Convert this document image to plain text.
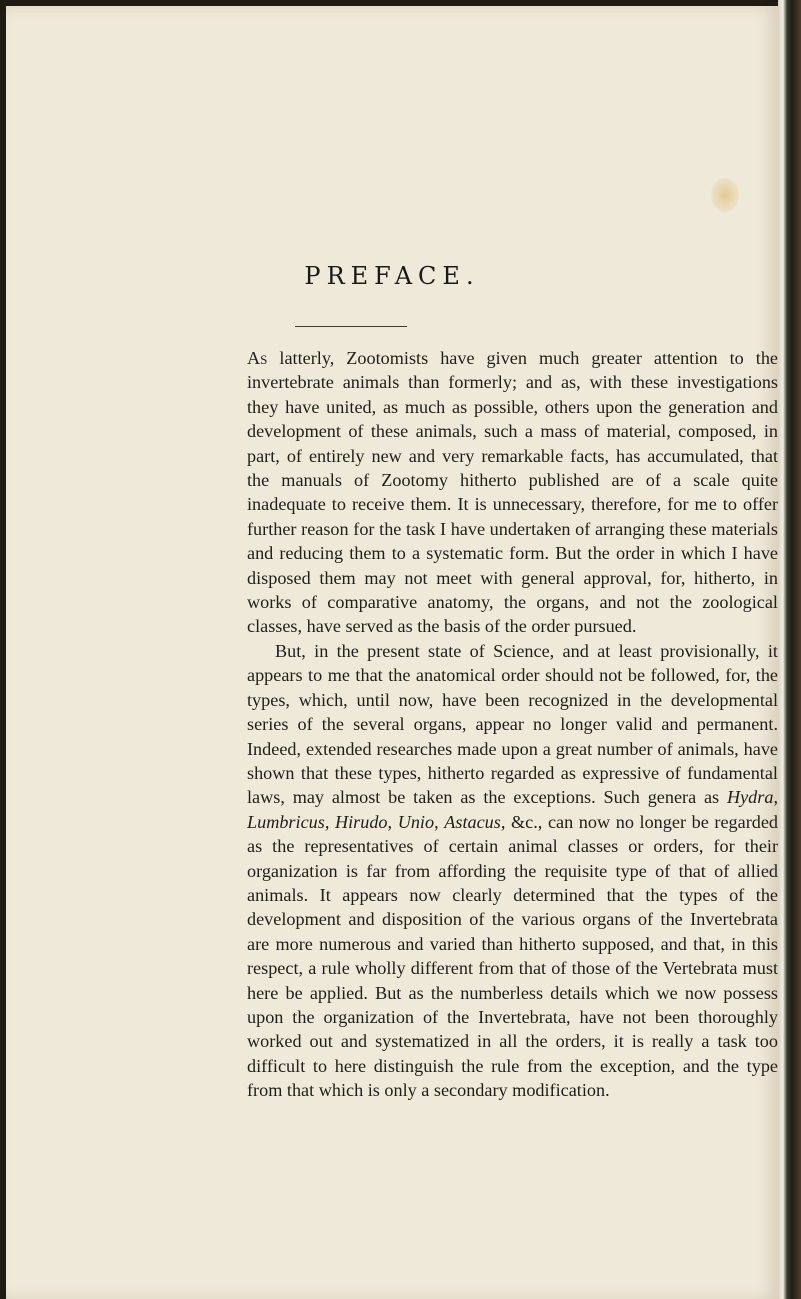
PREFACE.

As latterly, Zootomists have given much greater attention to the invertebrate animals than formerly; and as, with these investigations they have united, as much as possible, others upon the generation and development of these animals, such a mass of material, composed, in part, of entirely new and very remarkable facts, has accumulated, that the manuals of Zootomy hitherto published are of a scale quite inadequate to receive them. It is unnecessary, therefore, for me to offer further reason for the task I have undertaken of arranging these materials and reducing them to a systematic form. But the order in which I have disposed them may not meet with general approval, for, hitherto, in works of comparative anatomy, the organs, and not the zoological classes, have served as the basis of the order pursued.

But, in the present state of Science, and at least provisionally, it appears to me that the anatomical order should not be followed, for, the types, which, until now, have been recognized in the developmental series of the several organs, appear no longer valid and permanent. Indeed, extended researches made upon a great number of animals, have shown that these types, hitherto regarded as expressive of fundamental laws, may almost be taken as the exceptions. Such genera as Hydra, Lumbricus, Hirudo, Unio, Astacus, &c., can now no longer be regarded as the representatives of certain animal classes or orders, for their organization is far from affording the requisite type of that of allied animals. It appears now clearly determined that the types of the development and disposition of the various organs of the Invertebrata are more numerous and varied than hitherto supposed, and that, in this respect, a rule wholly different from that of those of the Vertebrata must here be applied. But as the numberless details which we now possess upon the organization of the Invertebrata, have not been thoroughly worked out and systematized in all the orders, it is really a task too difficult to here distinguish the rule from the exception, and the type from that which is only a secondary modification.
